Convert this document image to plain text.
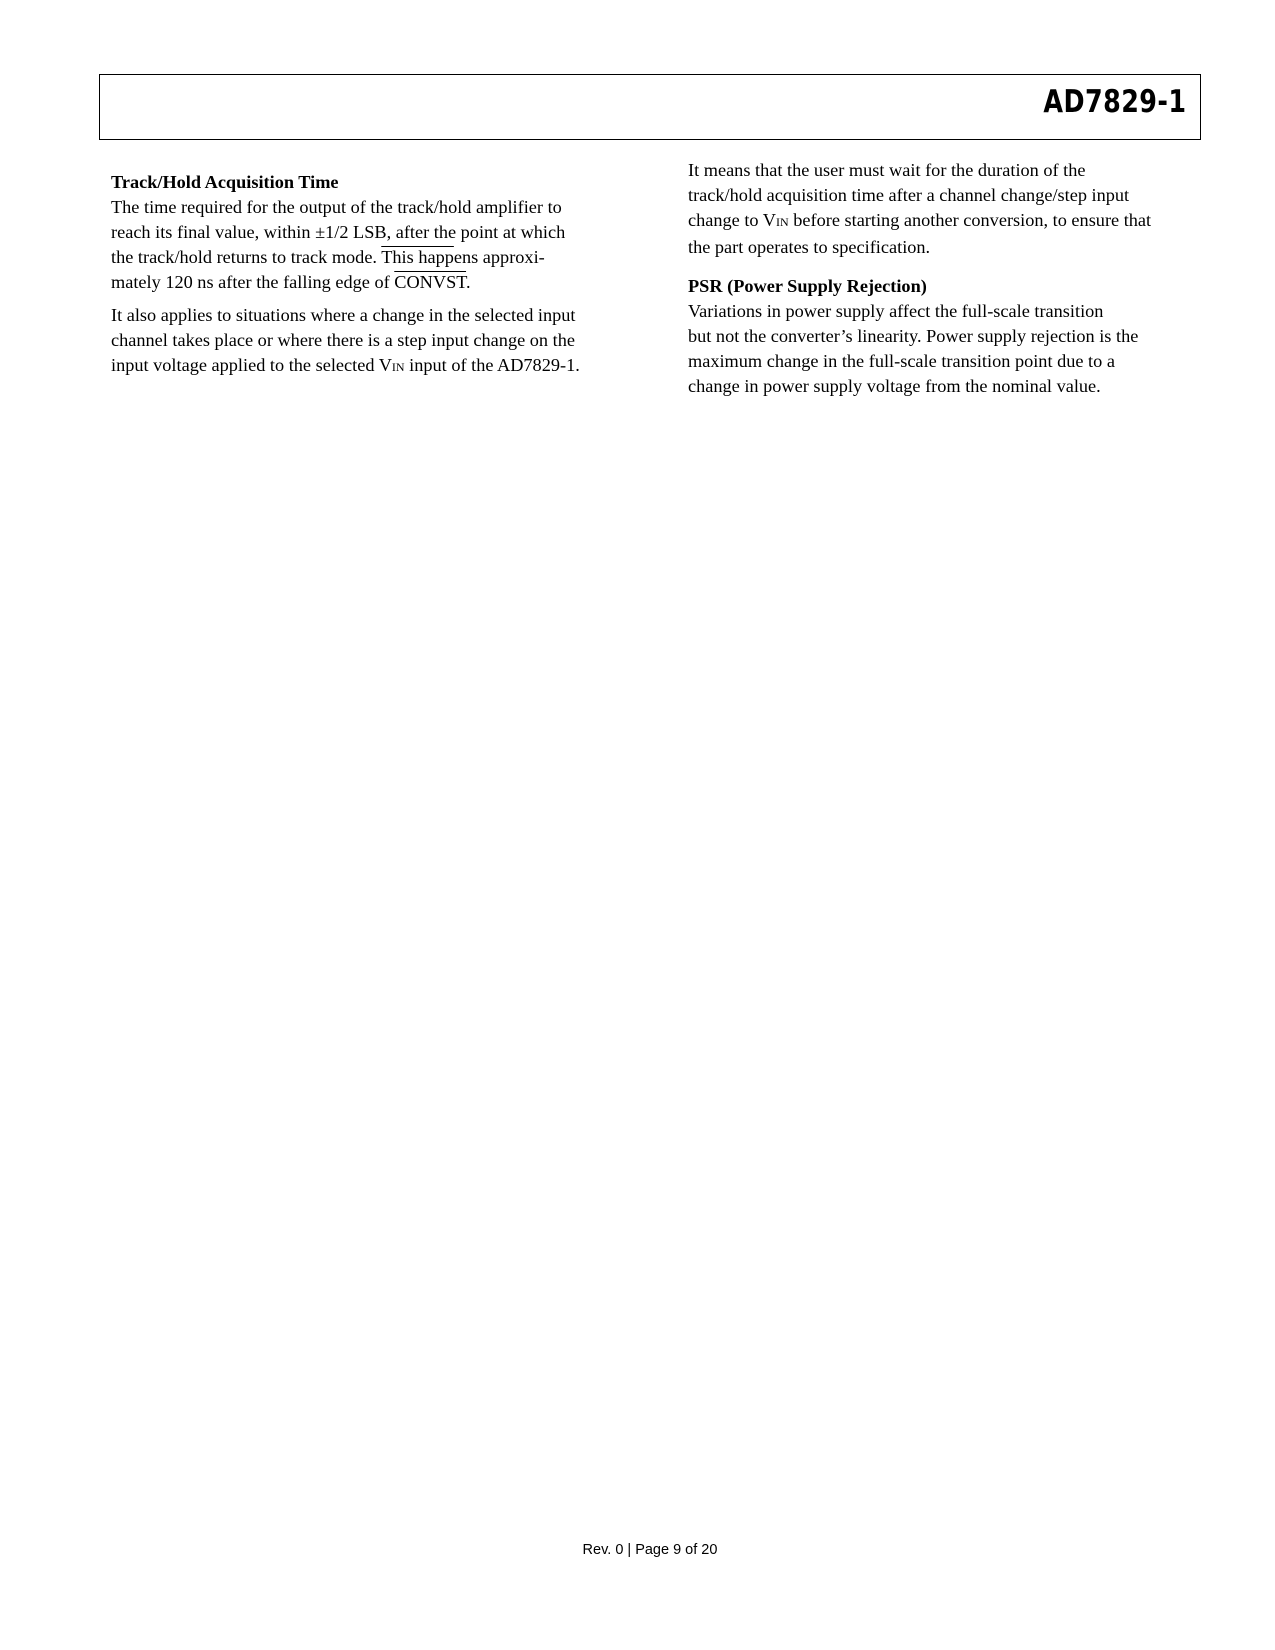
AD7829-1

Track/Hold Acquisition Time

The time required for the output of the track/hold amplifier to
reach its final value, within ±1/2 LSB, after the point at which
the track/hold returns to track mode. This happens approxi-
mately 120 ns after the falling edge of CONVST.

It also applies to situations where a change in the selected input
channel takes place or where there is a step input change on the
input voltage applied to the selected VIN input of the AD7829-1.

It means that the user must wait for the duration of the
track/hold acquisition time after a channel change/step input
change to VIN before starting another conversion, to ensure that
the part operates to specification.

PSR (Power Supply Rejection)

Variations in power supply affect the full-scale transition
but not the converter’s linearity. Power supply rejection is the
maximum change in the full-scale transition point due to a
change in power supply voltage from the nominal value.

Rev. 0 | Page 9 of 20
